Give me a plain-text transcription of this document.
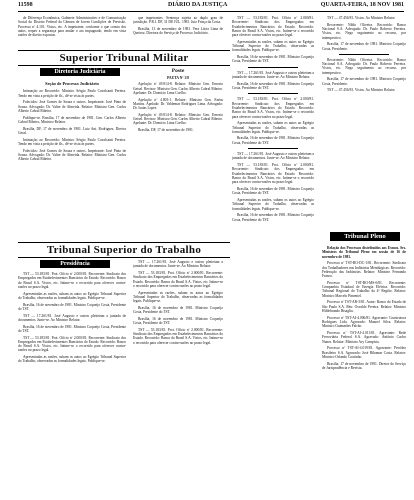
11598	DIÁRIO DA JUSTIÇA	QUARTA-FEIRA, 18 NOV 1981

de Diferença Econômica, Gabinete Administrativo e de Comunicação Social do Distrito Federal da Câmara de Jorem Condições de Previsão. Processo nº 4.101. Vistos, etc. A impetrante, conforme o que consta dos autos, requer a segurança para anular o ato impugnado, tendo em vista razões de direito expostas.

que impetrantes. Sentença sujeita ao duplo grau de jurisdição. P.R.I. DF, 31 DE JUL. 1981. Juiz Friaça da Costa.

Brasília, 13 de novembro de 1981. Vera Lúcia Lima de Queiroz, Diretora do Serviço de Processo Judiciário.

Superior Tribunal Militar
Diretoria Judiciária
Seção de Processo Judiciário

Intimação ao Recorrido: Ministro Sérgio Paulo Cavalcanti Pereira. Tendo em vista a petição de fls., dê-se vista às partes.

Falecidos: José Gomes de Souza e outros. Impetrante: José Pinto de Souza. Advogado: Dr. Valter de Almeida. Relator: Ministro Gen. Carlos Alberto Cabral Ribeiro.

Publique-se. Brasília, 17 de novembro de 1981. Gen. Carlos Alberto Cabral Ribeiro, Ministro-Relator.

Brasília, DF, 17 de novembro de 1981. Luiz Ant. Rodrigues, Diretor Geral.

Intimação ao Recorrido: Ministro Sérgio Paulo Cavalcanti Pereira. Tendo em vista a petição de fls., dê-se vista às partes.

Falecidos: José Gomes de Souza e outros. Impetrante: José Pinto de Souza. Advogado: Dr. Valter de Almeida. Relator: Ministro Gen. Carlos Alberto Cabral Ribeiro.

Poste
PAUTA Nº 1/8

Apelação nº 49.814-8. Relator: Ministro Gen. Ernesto Geisel. Revisor: Ministro Gen. Carlos Alberto Cabral Ribeiro. Apelante: Dr. Domício Lima Coelho.

Apelação nº 4.803-1. Relator: Ministro Gen. Enéas Martins. Apelado: Dr. Valdemar Rodrigues Lima. Advogado: Dr. Isaías Lopes.

Apelação nº 49.814-8. Relator: Ministro Gen. Ernesto Geisel. Revisor: Ministro Gen. Carlos Alberto Cabral Ribeiro. Apelante: Dr. Domício Lima Coelho.

Brasília, DF, 17 de novembro de 1981.

Tribunal Superior do Trabalho
Presidência

TST — 53.183/81. Prot. Ofício nº 2.000/81. Recorrente: Sindicato dos Empregados em Estabelecimentos Bancários do Estado. Recorrido: Banco do Brasil S.A. Vistos, etc. Intime-se o recorrido para oferecer contra-razões no prazo legal.

Apresentadas as razões, subam os autos ao Egrégio Tribunal Superior do Trabalho, observadas as formalidades legais. Publique-se.

Brasília, 16 de novembro de 1981. Ministro Coqueijo Costa, Presidente do TST.

TST — 17.261/81. José Augusto e outros pleiteiam a juntada de documentos. Junte-se. Ao Ministro Relator.

Brasília, 16 de novembro de 1981. Ministro Coqueijo Costa, Presidente do TST.

TST — 53.183/81. Prot. Ofício nº 2.000/81. Recorrente: Sindicato dos Empregados em Estabelecimentos Bancários do Estado. Recorrido: Banco do Brasil S.A. Vistos, etc. Intime-se o recorrido para oferecer contra-razões no prazo legal.

Apresentadas as razões, subam os autos ao Egrégio Tribunal Superior do Trabalho, observadas as formalidades legais. Publique-se.

TST — 17.261/81. José Augusto e outros pleiteiam a juntada de documentos. Junte-se. Ao Ministro Relator.

TST — 53.183/81. Prot. Ofício nº 2.000/81. Recorrente: Sindicato dos Empregados em Estabelecimentos Bancários do Estado. Recorrido: Banco do Brasil S.A. Vistos, etc. Intime-se o recorrido para oferecer contra-razões no prazo legal.

Apresentadas as razões, subam os autos ao Egrégio Tribunal Superior do Trabalho, observadas as formalidades legais. Publique-se.

Brasília, 16 de novembro de 1981. Ministro Coqueijo Costa, Presidente do TST.

Brasília, 16 de novembro de 1981. Ministro Coqueijo Costa, Presidente do TST.

TST — 53.183/81. Prot. Ofício nº 2.000/81. Recorrente: Sindicato dos Empregados em Estabelecimentos Bancários do Estado. Recorrido: Banco do Brasil S.A. Vistos, etc. Intime-se o recorrido para oferecer contra-razões no prazo legal.

TST — 53.183/81. Prot. Ofício nº 2.000/81. Recorrente: Sindicato dos Empregados em Estabelecimentos Bancários do Estado. Recorrido: Banco do Brasil S.A. Vistos, etc. Intime-se o recorrido para oferecer contra-razões no prazo legal.

Apresentadas as razões, subam os autos ao Egrégio Tribunal Superior do Trabalho, observadas as formalidades legais. Publique-se.

Brasília, 16 de novembro de 1981. Ministro Coqueijo Costa, Presidente do TST.

TST — 17.261/81. José Augusto e outros pleiteiam a juntada de documentos. Junte-se. Ao Ministro Relator.

Brasília, 16 de novembro de 1981. Ministro Coqueijo Costa, Presidente do TST.

TST — 53.183/81. Prot. Ofício nº 2.000/81. Recorrente: Sindicato dos Empregados em Estabelecimentos Bancários do Estado. Recorrido: Banco do Brasil S.A. Vistos, etc. Intime-se o recorrido para oferecer contra-razões no prazo legal.

Apresentadas as razões, subam os autos ao Egrégio Tribunal Superior do Trabalho, observadas as formalidades legais. Publique-se.

Brasília, 16 de novembro de 1981. Ministro Coqueijo Costa, Presidente do TST.

TST — 17.261/81. José Augusto e outros pleiteiam a juntada de documentos. Junte-se. Ao Ministro Relator.

TST — 53.183/81. Prot. Ofício nº 2.000/81. Recorrente: Sindicato dos Empregados em Estabelecimentos Bancários do Estado. Recorrido: Banco do Brasil S.A. Vistos, etc. Intime-se o recorrido para oferecer contra-razões no prazo legal.

Brasília, 16 de novembro de 1981. Ministro Coqueijo Costa, Presidente do TST.

Apresentadas as razões, subam os autos ao Egrégio Tribunal Superior do Trabalho, observadas as formalidades legais. Publique-se.

Brasília, 16 de novembro de 1981. Ministro Coqueijo Costa, Presidente do TST.

TST — 47.456/81. Vistos. Ao Ministro Relator.

Recorrente: Nildo Oliveira. Recorrido: Banco Nacional S.A. Advogado: Dr. Paulo Roberto Ferreira. Vistos, etc. Nego seguimento ao recurso, por intempestivo.

Brasília, 17 de novembro de 1981. Ministro Coqueijo Costa, Presidente.

Recorrente: Nildo Oliveira. Recorrido: Banco Nacional S.A. Advogado: Dr. Paulo Roberto Ferreira. Vistos, etc. Nego seguimento ao recurso, por intempestivo.

Brasília, 17 de novembro de 1981. Ministro Coqueijo Costa, Presidente.

TST — 47.456/81. Vistos. Ao Ministro Relator.

Tribunal Pleno

Relação dos Processos distribuídos aos Exmos. Srs. Ministros do Tribunal Pleno em sessão de 16 de novembro de 1981.

Processo nº TST-RO-DC-1/81. Recorrente: Sindicato dos Trabalhadores nas Indústrias Metalúrgicas. Recorrido: Federação das Indústrias. Relator: Ministro Fernando Franco.

Processo nº TST-RO-MS-6/81. Recorrente: Companhia Estadual de Energia Elétrica. Recorrido: Tribunal Regional do Trabalho da 4ª Região. Relator: Ministro Marcelo Pimentel.

Processo nº TST-AR-3/81. Autor: Banco do Estado de São Paulo S.A. Réu: Osvaldo Pereira. Relator: Ministro Hildebrando Bisaglia.

Processo nº TST-AI-4.006/81. Agravante: Construtora Rodrigues Ltda. Agravado: Manoel Silva. Relator: Ministro Guimarães Falcão.

Processo nº TST-AI-4.011/81. Agravante: Rede Ferroviária Federal S.A. Agravado: Antônio Carlos Nunes. Relator: Ministro Ary Campista.

Processo nº TST-AI-4.019/81. Agravante: Petróleo Brasileiro S.A. Agravado: José Ribamar Costa. Relator: Ministro Orlando Coutinho.

Brasília, 17 de novembro de 1981. Diretor do Serviço de Jurisprudência e Revista.
